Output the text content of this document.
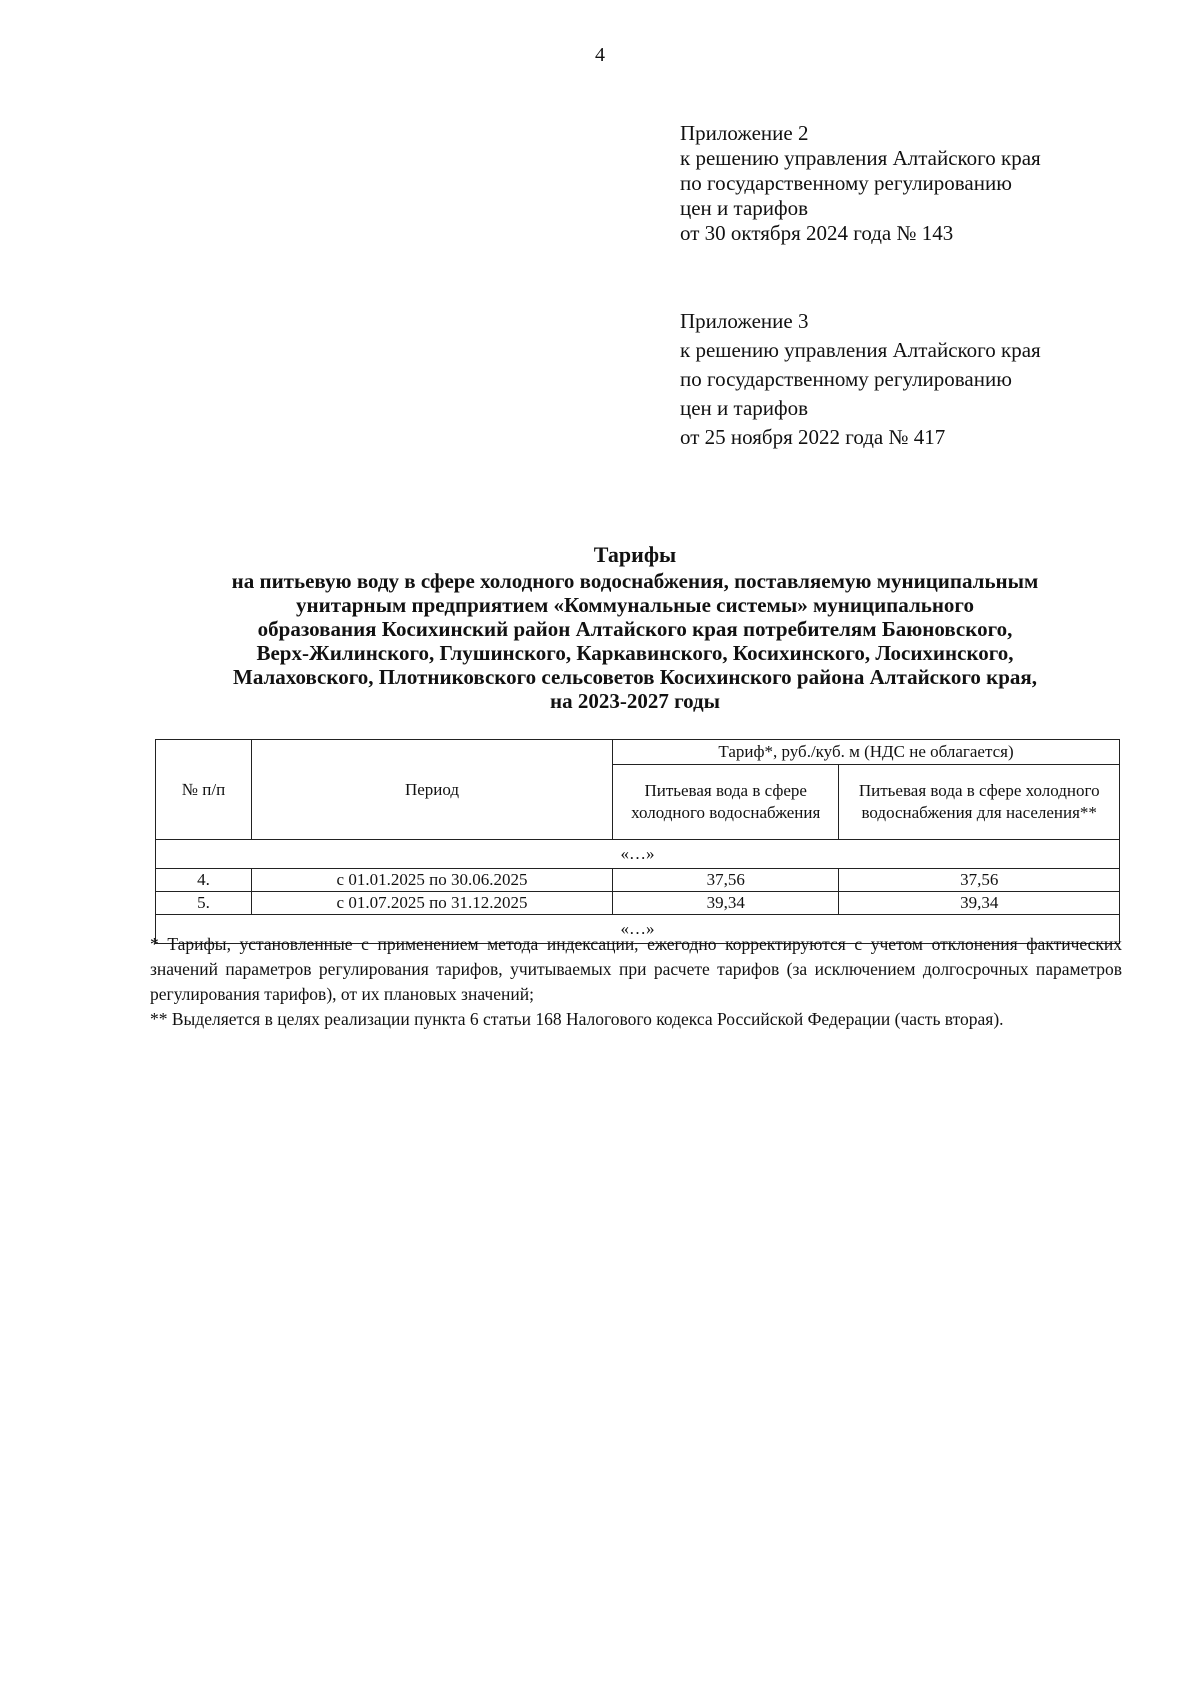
4
Приложение 2
к решению управления Алтайского края
по государственному регулированию
цен и тарифов
от 30 октября 2024 года № 143
Приложение 3
к решению управления Алтайского края
по государственному регулированию
цен и тарифов
от 25 ноября 2022 года № 417
Тарифы
на питьевую воду в сфере холодного водоснабжения, поставляемую муниципальным
унитарным предприятием «Коммунальные системы» муниципального
образования Косихинский район Алтайского края потребителям Баюновского,
Верх-Жилинского, Глушинского, Каркавинского, Косихинского, Лосихинского,
Малаховского, Плотниковского сельсоветов Косихинского района Алтайского края,
на 2023-2027 годы
№ п/п	Период	Тариф*, руб./куб. м (НДС не облагается)	
		Питьевая вода в сфере холодного водоснабжения	Питьевая вода в сфере холодного водоснабжения для населения**
«…»			
4.	с 01.01.2025 по 30.06.2025	37,56	37,56
5.	с 01.07.2025 по 31.12.2025	39,34	39,34
«…»			

* Тарифы, установленные с применением метода индексации, ежегодно корректируются с учетом отклонения фактических значений параметров регулирования тарифов, учитываемых при расчете тарифов (за исключением долгосрочных параметров регулирования тарифов), от их плановых значений;

** Выделяется в целях реализации пункта 6 статьи 168 Налогового кодекса Российской Федерации (часть вторая).
